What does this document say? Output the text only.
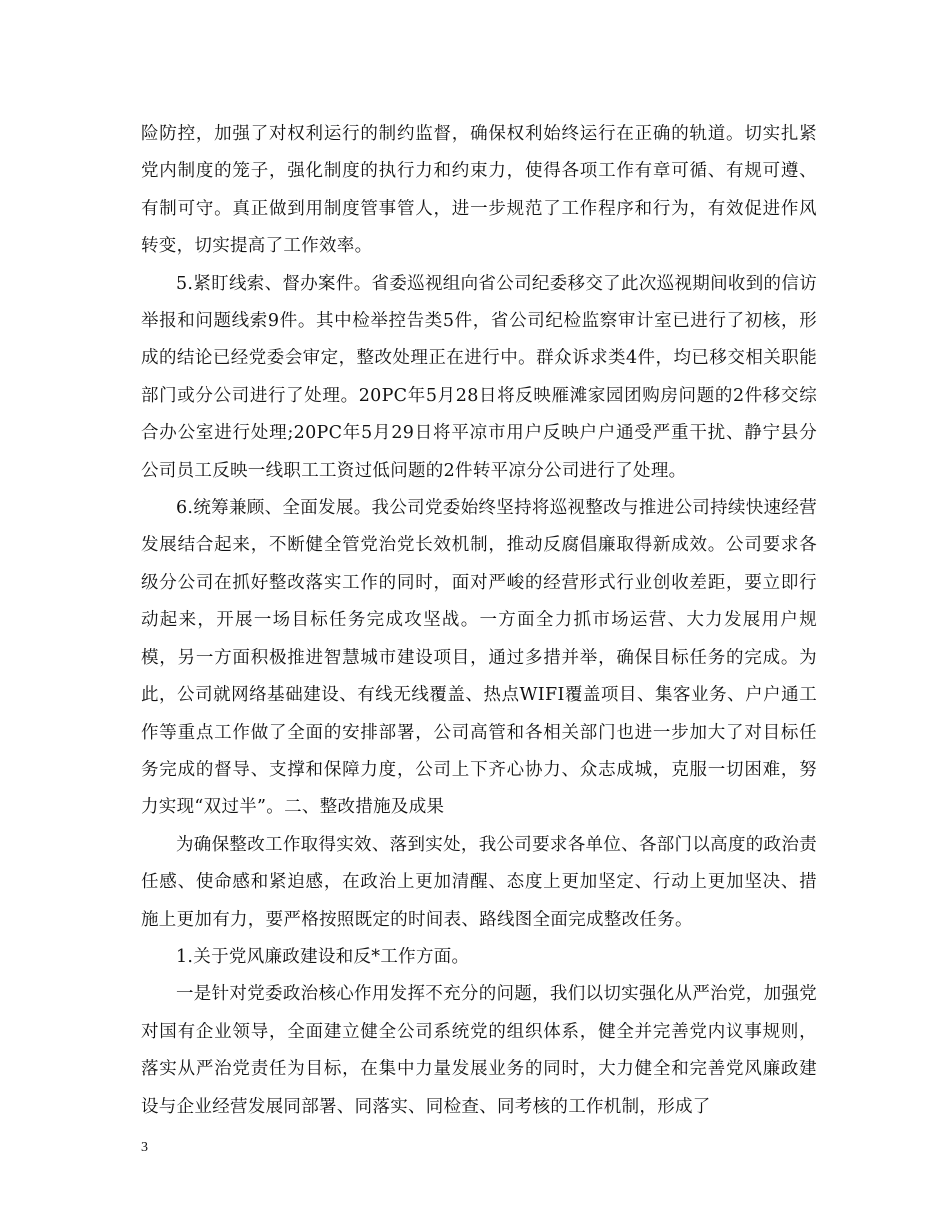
险防控，加强了对权利运行的制约监督，确保权利始终运行在正确的轨道。切实扎紧党内制度的笼子，强化制度的执行力和约束力，使得各项工作有章可循、有规可遵、有制可守。真正做到用制度管事管人，进一步规范了工作程序和行为，有效促进作风转变，切实提高了工作效率。

5.紧盯线索、督办案件。省委巡视组向省公司纪委移交了此次巡视期间收到的信访举报和问题线索9件。其中检举控告类5件，省公司纪检监察审计室已进行了初核，形成的结论已经党委会审定，整改处理正在进行中。群众诉求类4件，均已移交相关职能部门或分公司进行了处理。20PC年5月28日将反映雁滩家园团购房问题的2件移交综合办公室进行处理;20PC年5月29日将平凉市用户反映户户通受严重干扰、静宁县分公司员工反映一线职工工资过低问题的2件转平凉分公司进行了处理。

6.统筹兼顾、全面发展。我公司党委始终坚持将巡视整改与推进公司持续快速经营发展结合起来，不断健全管党治党长效机制，推动反腐倡廉取得新成效。公司要求各级分公司在抓好整改落实工作的同时，面对严峻的经营形式行业创收差距，要立即行动起来，开展一场目标任务完成攻坚战。一方面全力抓市场运营、大力发展用户规模，另一方面积极推进智慧城市建设项目，通过多措并举，确保目标任务的完成。为此，公司就网络基础建设、有线无线覆盖、热点WIFI覆盖项目、集客业务、户户通工作等重点工作做了全面的安排部署，公司高管和各相关部门也进一步加大了对目标任务完成的督导、支撑和保障力度，公司上下齐心协力、众志成城，克服一切困难，努力实现“双过半”。二、整改措施及成果

为确保整改工作取得实效、落到实处，我公司要求各单位、各部门以高度的政治责任感、使命感和紧迫感，在政治上更加清醒、态度上更加坚定、行动上更加坚决、措施上更加有力，要严格按照既定的时间表、路线图全面完成整改任务。

1.关于党风廉政建设和反*工作方面。

一是针对党委政治核心作用发挥不充分的问题，我们以切实强化从严治党，加强党对国有企业领导，全面建立健全公司系统党的组织体系，健全并完善党内议事规则，落实从严治党责任为目标，在集中力量发展业务的同时，大力健全和完善党风廉政建设与企业经营发展同部署、同落实、同检查、同考核的工作机制，形成了

3
